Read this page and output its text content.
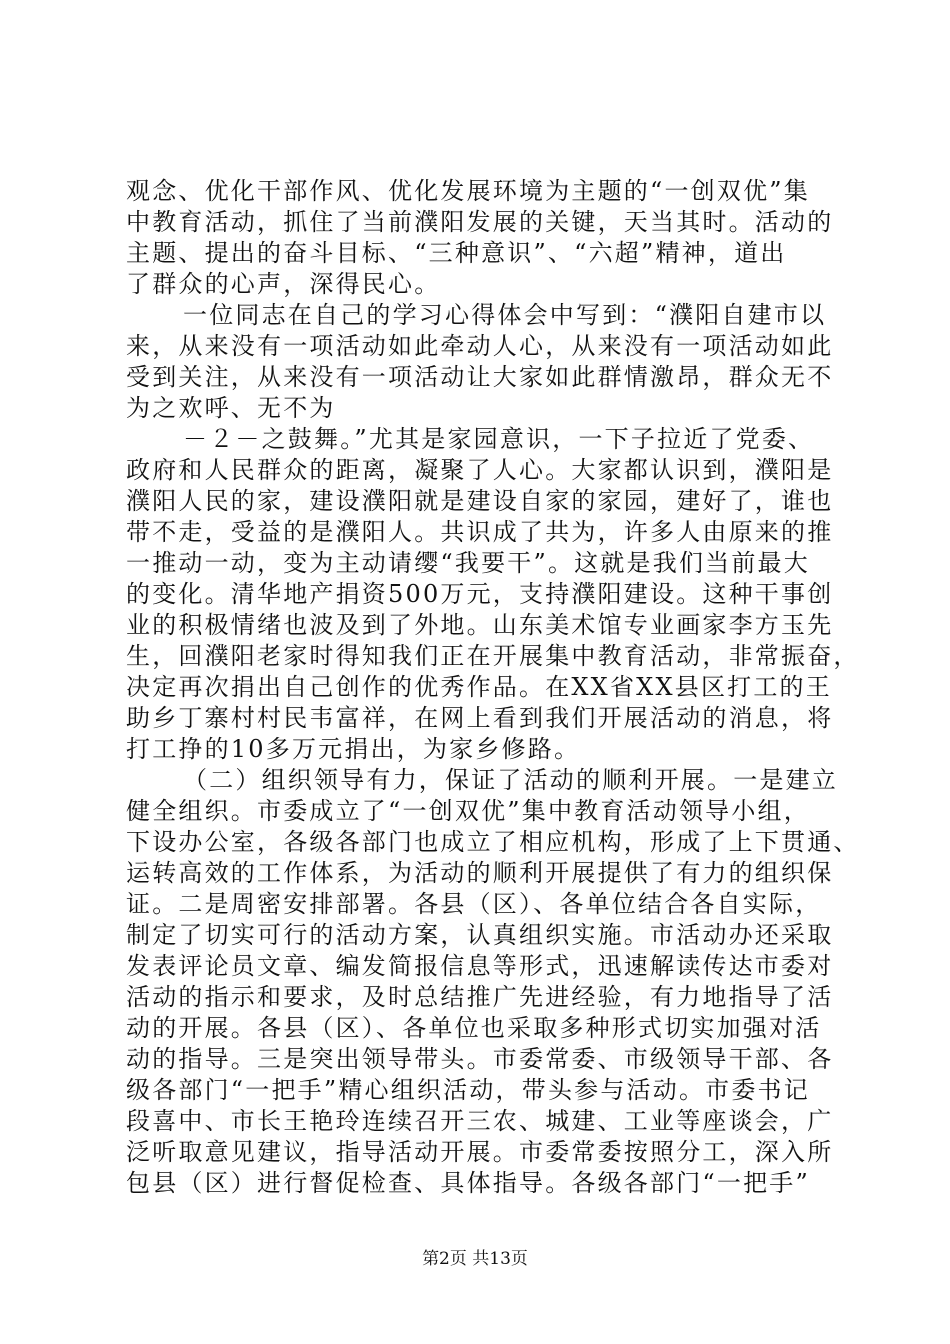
观念、优化干部作风、优化发展环境为主题的“一创双优”集
中教育活动，抓住了当前濮阳发展的关键，天当其时。活动的
主题、提出的奋斗目标、“三种意识”、“六超”精神，道出
了群众的心声，深得民心。
一位同志在自己的学习心得体会中写到：“濮阳自建市以
来，从来没有一项活动如此牵动人心，从来没有一项活动如此
受到关注，从来没有一项活动让大家如此群情激昂，群众无不
为之欢呼、无不为
－２－之鼓舞。”尤其是家园意识，一下子拉近了党委、
政府和人民群众的距离，凝聚了人心。大家都认识到，濮阳是
濮阳人民的家，建设濮阳就是建设自家的家园，建好了，谁也
带不走，受益的是濮阳人。共识成了共为，许多人由原来的推
一推动一动，变为主动请缨“我要干”。这就是我们当前最大
的变化。清华地产捐资500万元，支持濮阳建设。这种干事创
业的积极情绪也波及到了外地。山东美术馆专业画家李方玉先
生，回濮阳老家时得知我们正在开展集中教育活动，非常振奋，
决定再次捐出自己创作的优秀作品。在XX省XX县区打工的王
助乡丁寨村村民韦富祥，在网上看到我们开展活动的消息，将
打工挣的10多万元捐出，为家乡修路。
（二）组织领导有力，保证了活动的顺利开展。一是建立
健全组织。市委成立了“一创双优”集中教育活动领导小组，
下设办公室，各级各部门也成立了相应机构，形成了上下贯通、
运转高效的工作体系，为活动的顺利开展提供了有力的组织保
证。二是周密安排部署。各县（区）、各单位结合各自实际，
制定了切实可行的活动方案，认真组织实施。市活动办还采取
发表评论员文章、编发简报信息等形式，迅速解读传达市委对
活动的指示和要求，及时总结推广先进经验，有力地指导了活
动的开展。各县（区）、各单位也采取多种形式切实加强对活
动的指导。三是突出领导带头。市委常委、市级领导干部、各
级各部门“一把手”精心组织活动，带头参与活动。市委书记
段喜中、市长王艳玲连续召开三农、城建、工业等座谈会，广
泛听取意见建议，指导活动开展。市委常委按照分工，深入所
包县（区）进行督促检查、具体指导。各级各部门“一把手”
第2页 共13页
